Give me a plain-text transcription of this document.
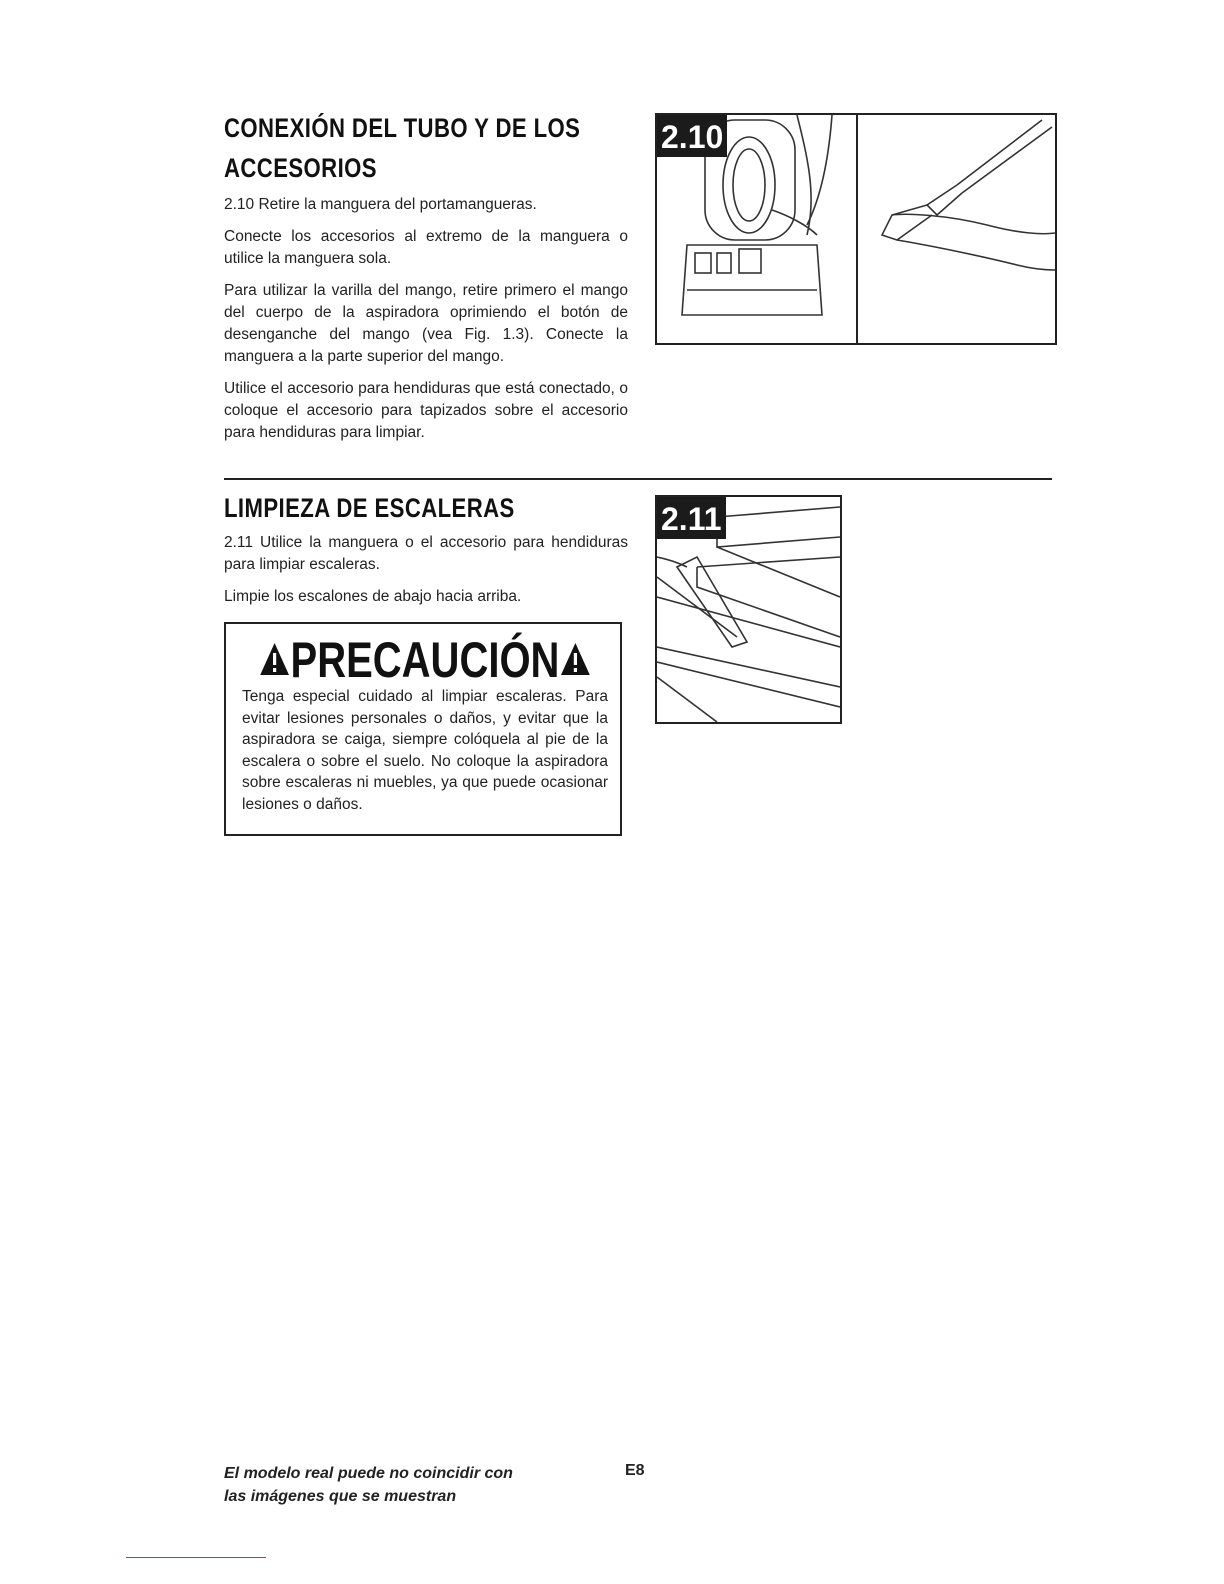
CONEXIÓN DEL TUBO Y DE LOS ACCESORIOS

2.10 Retire la manguera del portamangueras.

Conecte los accesorios al extremo de la manguera o utilice la manguera sola.

Para utilizar la varilla del mango, retire primero el mango del cuerpo de la aspiradora oprimiendo el botón de desenganche del mango (vea Fig. 1.3). Conecte la manguera a la parte superior del mango.

Utilice el accesorio para hendiduras que está conectado, o coloque el accesorio para tapizados sobre el accesorio para hendiduras para limpiar.

2.10
LIMPIEZA DE ESCALERAS

2.11 Utilice la manguera o el accesorio para hendiduras para limpiar escaleras.

Limpie los escalones de abajo hacia arriba.

2.11
PRECAUCIÓN
Tenga especial cuidado al limpiar escaleras. Para evitar lesiones personales o daños, y evitar que la aspiradora se caiga, siempre colóquela al pie de la escalera o sobre el suelo. No coloque la aspiradora sobre escaleras ni muebles, ya que puede ocasionar lesiones o daños.
El modelo real puede no coincidir con
las imágenes que se muestran
E8
